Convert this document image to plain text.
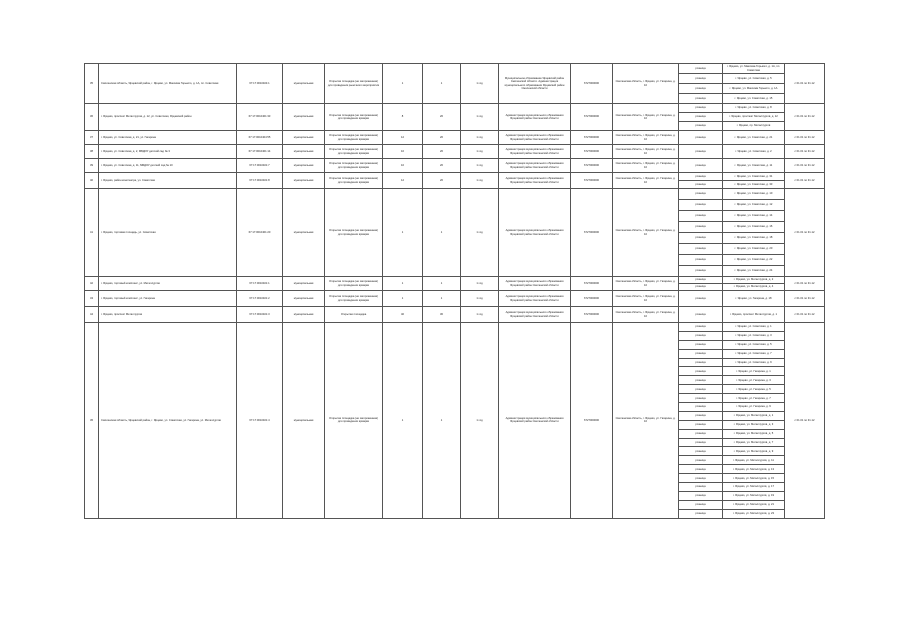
35	Смоленская область, Ярцевский район, г. Ярцево, ул. Максима Горького, д. 1А, пл. Советская	67:17:0010404:1	муниципальная	Открытая площадка (не загороженная) для проведения рыночного мероприятия	1	1	1 год	Муниципальное образование Ярцевский район Смоленской области. Администрация муниципального образования Ярцевский район Смоленской области	6727000000	Смоленская область, г. Ярцево, ул. Гагарина, д. 10	розница	г. Ярцево, ул. Максима Горького, д. 1А, пл. Советская	с 01.01 по 31.12
											розница	г. Ярцево, ул. Советская, д. 5	
											розница	г. Ярцево, ул. Максима Горького, д. 1А	
											розница	г. Ярцево, ул. Советская, д. 15	
36	г. Ярцево, проспект Металлургов, д. 12, ул. Советская, Ярцевский район	67:17:0010401:33	муниципальная	Открытая площадка (не загороженная) для проведения ярмарки	8	20	1 год	Администрация муниципального образования Ярцевский район Смоленской области	6727000000	Смоленская область, г. Ярцево, ул. Гагарина, д. 10	розница	г. Ярцево, ул. Советская, д. 8	с 01.01 по 31.12
											розница	г. Ярцево, проспект Металлургов, д. 12	
											розница	г. Ярцево, пр. Металлургов	
37	г. Ярцево, ул. Советская, д. 21, ул. Гагарина	67:17:0010404:55	муниципальная	Открытая площадка (не загороженная) для проведения ярмарки	12	20	1 год	Администрация муниципального образования Ярцевский район Смоленской области	6727000000	Смоленская область, г. Ярцево, ул. Гагарина, д. 10	розница	г. Ярцево, ул. Советская, д. 21	с 01.01 по 31.12
38	г. Ярцево, ул. Советская, д. 2, МБДОУ детский сад № 3	67:17:0010401:14	муниципальная	Открытая площадка (не загороженная) для проведения ярмарки	10	20	1 год	Администрация муниципального образования Ярцевский район Смоленской области	6727000000	Смоленская область, г. Ярцево, ул. Гагарина, д. 10	розница	г. Ярцево, ул. Советская, д. 2	с 01.01 по 31.12
39	г. Ярцево, ул. Советская, д. 11, МБДОУ детский сад № 10	67:17:0010401:7	муниципальная	Открытая площадка (не загороженная) для проведения ярмарки	10	20	1 год	Администрация муниципального образования Ярцевский район Смоленской области	6727000000	Смоленская область, г. Ярцево, ул. Гагарина, д. 10	розница	г. Ярцево, ул. Советская, д. 11	с 01.01 по 31.12
40	г. Ярцево, район кинотеатра, ул. Советская	67:17:0010401:8	муниципальная	Открытая площадка (не загороженная) для проведения ярмарки	12	20	1 год	Администрация муниципального образования Ярцевский район Смоленской области	6727000000	Смоленская область, г. Ярцево, ул. Гагарина, д. 10	розница	г. Ярцево, ул. Советская, д. 31	с 01.01 по 31.12
											розница	г. Ярцево, ул. Советская, д. 33	
41	г. Ярцево, торговая площадь, ул. Советская	67:17:0010401:20	муниципальная	Открытая площадка (не загороженная) для проведения ярмарки	1	1	1 год	Администрация муниципального образования Ярцевский район Смоленской области	6727000000	Смоленская область, г. Ярцево, ул. Гагарина, д. 10	розница	г. Ярцево, ул. Советская, д. 10	с 01.01 по 31.12
											розница	г. Ярцево, ул. Советская, д. 12	
											розница	г. Ярцево, ул. Советская, д. 14	
											розница	г. Ярцево, ул. Советская, д. 16	
											розница	г. Ярцево, ул. Советская, д. 18	
											розница	г. Ярцево, ул. Советская, д. 20	
											розница	г. Ярцево, ул. Советская, д. 22	
											розница	г. Ярцево, ул. Советская, д. 24	
42	г. Ярцево, торговый комплекс, ул. Металлургов	67:17:0010401:1	муниципальная	Открытая площадка (не загороженная) для проведения ярмарки	1	1	1 год	Администрация муниципального образования Ярцевский район Смоленской области	6727000000	Смоленская область, г. Ярцево, ул. Гагарина, д. 10	розница	г. Ярцево, ул. Металлургов, д. 2	с 01.01 по 31.12
											розница	г. Ярцево, ул. Металлургов, д. 4	
43	г. Ярцево, торговый комплекс, ул. Гагарина	67:17:0010401:2	муниципальная	Открытая площадка (не загороженная) для проведения ярмарки	1	1	1 год	Администрация муниципального образования Ярцевский район Смоленской области	6727000000	Смоленская область, г. Ярцево, ул. Гагарина, д. 10	розница	г. Ярцево, ул. Гагарина, д. 18	с 01.01 по 31.12
44	г. Ярцево, проспект Металлургов	67:17:0010401:3	муниципальная	Открытая площадка	40	30	1 год	Администрация муниципального образования Ярцевский район Смоленской области	6727000000	Смоленская область, г. Ярцево, ул. Гагарина, д. 10	розница	г. Ярцево, проспект Металлургов, д. 1	с 01.01 по 31.12
45	Смоленская область, Ярцевский район, г. Ярцево, ул. Советская, ул. Гагарина, ул. Металлургов	67:17:0010401:4	муниципальная	Открытая площадка (не загороженная) для проведения ярмарки	1	1	1 год	Администрация муниципального образования Ярцевский район Смоленской области	6727000000	Смоленская область, г. Ярцево, ул. Гагарина, д. 10	розница	г. Ярцево, ул. Советская, д. 1	с 01.01 по 31.12
											розница	г. Ярцево, ул. Советская, д. 3	
											розница	г. Ярцево, ул. Советская, д. 5	
											розница	г. Ярцево, ул. Советская, д. 7	
											розница	г. Ярцево, ул. Советская, д. 9	
											розница	г. Ярцево, ул. Гагарина, д. 1	
											розница	г. Ярцево, ул. Гагарина, д. 3	
											розница	г. Ярцево, ул. Гагарина, д. 5	
											розница	г. Ярцево, ул. Гагарина, д. 7	
											розница	г. Ярцево, ул. Гагарина, д. 9	
											розница	г. Ярцево, ул. Металлургов, д. 1	
											розница	г. Ярцево, ул. Металлургов, д. 3	
											розница	г. Ярцево, ул. Металлургов, д. 5	
											розница	г. Ярцево, ул. Металлургов, д. 7	
											розница	г. Ярцево, ул. Металлургов, д. 9	
											розница	г. Ярцево, ул. Металлургов, д. 11	
											розница	г. Ярцево, ул. Металлургов, д. 13	
											розница	г. Ярцево, ул. Металлургов, д. 15	
											розница	г. Ярцево, ул. Металлургов, д. 17	
											розница	г. Ярцево, ул. Металлургов, д. 19	
											розница	г. Ярцево, ул. Металлургов, д. 21	
											розница	г. Ярцево, ул. Металлургов, д. 23	
